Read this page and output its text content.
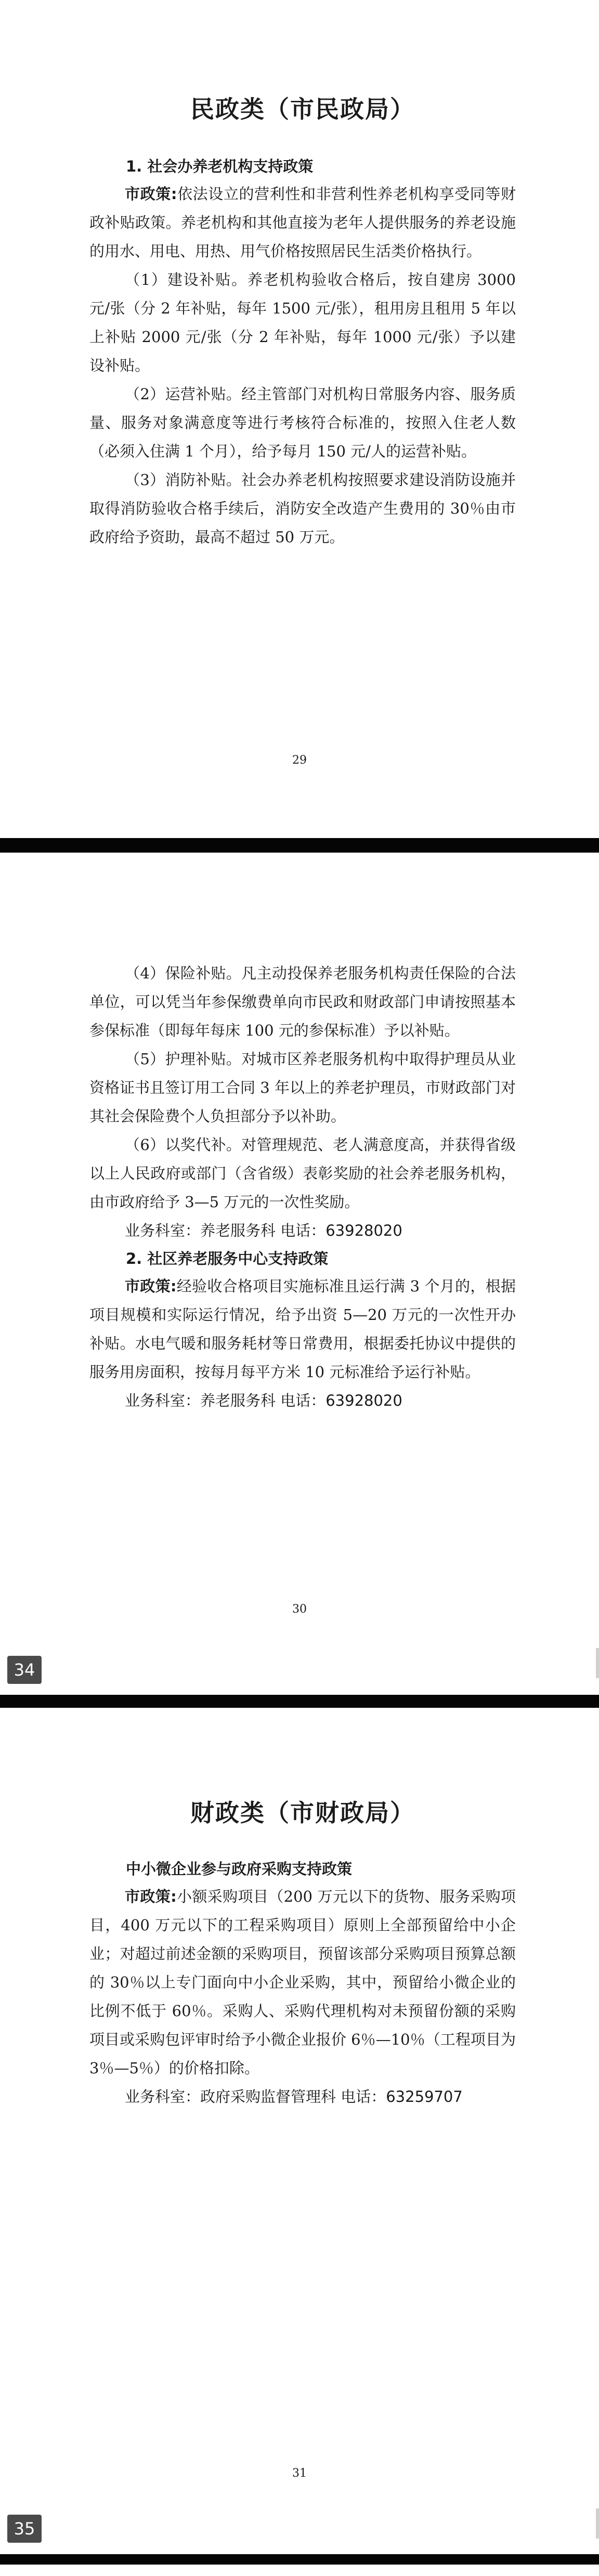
民政类（市民政局）

1. 社会办养老机构支持政策

市政策:依法设立的营利性和非营利性养老机构享受同等财政补贴政策。养老机构和其他直接为老年人提供服务的养老设施的用水、用电、用热、用气价格按照居民生活类价格执行。

（1）建设补贴。养老机构验收合格后，按自建房 3000 元/张（分 2 年补贴，每年 1500 元/张），租用房且租用 5 年以上补贴 2000 元/张（分 2 年补贴，每年 1000 元/张）予以建设补贴。

（2）运营补贴。经主管部门对机构日常服务内容、服务质量、服务对象满意度等进行考核符合标准的，按照入住老人数（必须入住满 1 个月），给予每月 150 元/人的运营补贴。

（3）消防补贴。社会办养老机构按照要求建设消防设施并取得消防验收合格手续后，消防安全改造产生费用的 30％由市政府给予资助，最高不超过 50 万元。

29

（4）保险补贴。凡主动投保养老服务机构责任保险的合法单位，可以凭当年参保缴费单向市民政和财政部门申请按照基本参保标准（即每年每床 100 元的参保标准）予以补贴。

（5）护理补贴。对城市区养老服务机构中取得护理员从业资格证书且签订用工合同 3 年以上的养老护理员，市财政部门对其社会保险费个人负担部分予以补助。

（6）以奖代补。对管理规范、老人满意度高，并获得省级以上人民政府或部门（含省级）表彰奖励的社会养老服务机构，由市政府给予 3—5 万元的一次性奖励。

业务科室：养老服务科 电话：63928020

2. 社区养老服务中心支持政策

市政策:经验收合格项目实施标准且运行满 3 个月的，根据项目规模和实际运行情况，给予出资 5—20 万元的一次性开办补贴。水电气暖和服务耗材等日常费用，根据委托协议中提供的服务用房面积，按每月每平方米 10 元标准给予运行补贴。

业务科室：养老服务科 电话：63928020

30
34
财政类（市财政局）

中小微企业参与政府采购支持政策

市政策:小额采购项目（200 万元以下的货物、服务采购项目，400 万元以下的工程采购项目）原则上全部预留给中小企业；对超过前述金额的采购项目，预留该部分采购项目预算总额的 30％以上专门面向中小企业采购，其中，预留给小微企业的比例不低于 60％。采购人、采购代理机构对未预留份额的采购项目或采购包评审时给予小微企业报价 6％—10％（工程项目为 3％—5％）的价格扣除。

业务科室：政府采购监督管理科 电话：63259707

31
35
